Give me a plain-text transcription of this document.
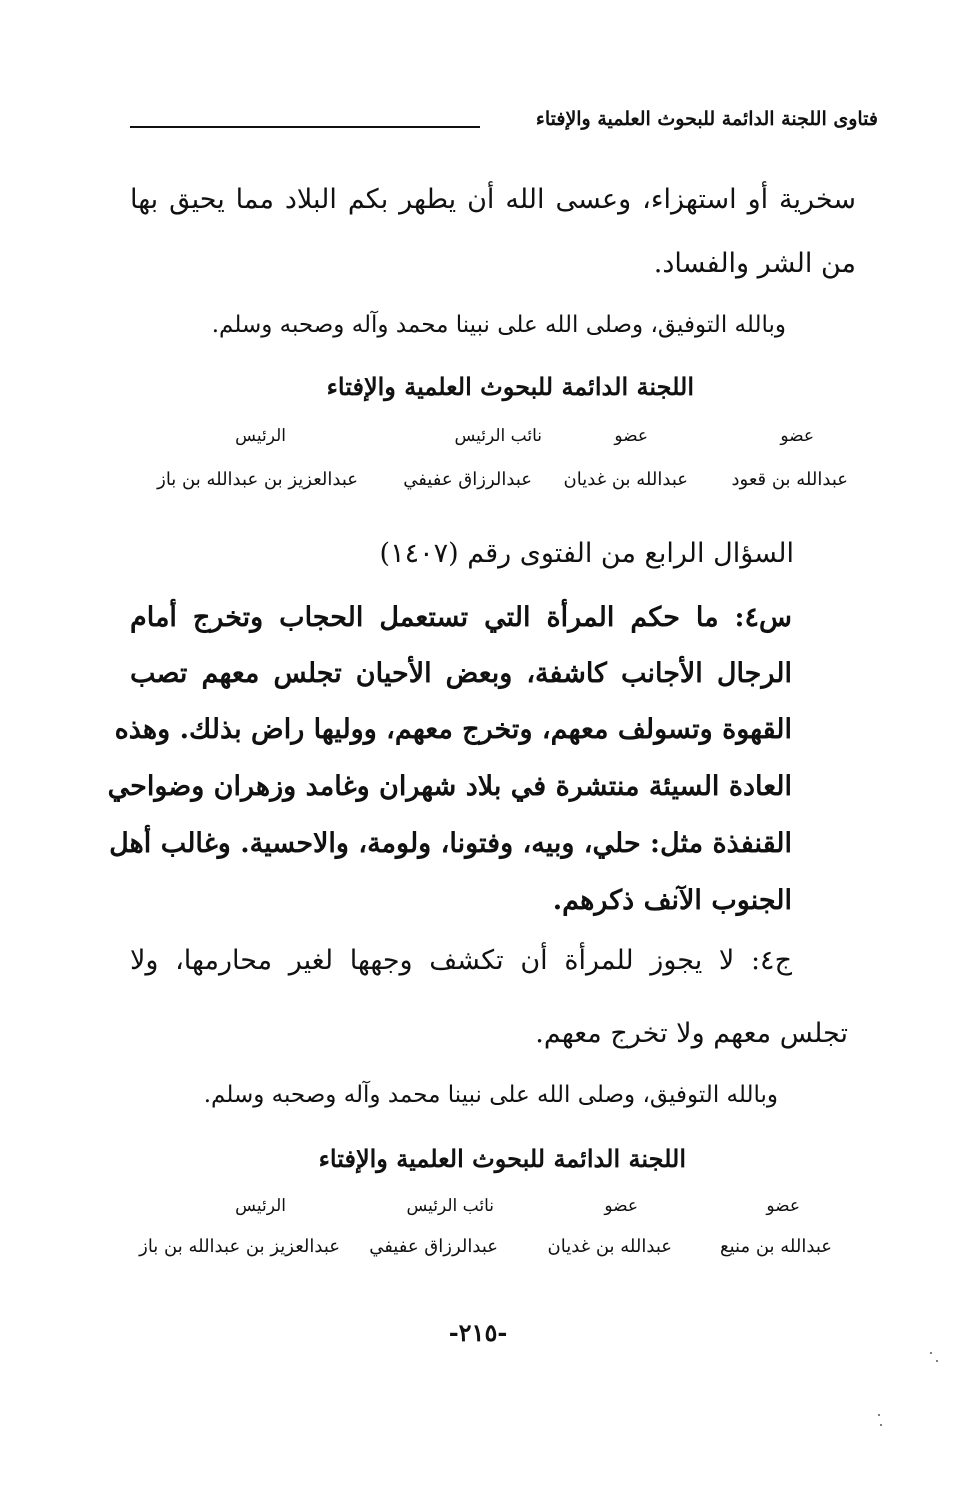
فتاوى اللجنة الدائمة للبحوث العلمية والإفتاء
سخرية أو استهزاء، وعسى الله أن يطهر بكم البلاد مما يحيق بها
من الشر والفساد.
وبالله التوفيق، وصلى الله على نبينا محمد وآله وصحبه وسلم.
اللجنة الدائمة للبحوث العلمية والإفتاء
عضو
عضو
نائب الرئيس
الرئيس
عبدالله بن قعود
عبدالله بن غديان
عبدالرزاق عفيفي
عبدالعزيز بن عبدالله بن باز
السؤال الرابع من الفتوى رقم (١٤٠٧)
س٤: ما حكم المرأة التي تستعمل الحجاب وتخرج أمام
الرجال الأجانب كاشفة، وبعض الأحيان تجلس معهم تصب
القهوة وتسولف معهم، وتخرج معهم، ووليها راض بذلك. وهذه
العادة السيئة منتشرة في بلاد شهران وغامد وزهران وضواحي
القنفذة مثل: حلي، وبيه، وفتونا، ولومة، والاحسية. وغالب أهل
الجنوب الآنف ذكرهم.
ج٤: لا يجوز للمرأة أن تكشف وجهها لغير محارمها، ولا
تجلس معهم ولا تخرج معهم.
وبالله التوفيق، وصلى الله على نبينا محمد وآله وصحبه وسلم.
اللجنة الدائمة للبحوث العلمية والإفتاء
عضو
عضو
نائب الرئيس
الرئيس
عبدالله بن منيع
عبدالله بن غديان
عبدالرزاق عفيفي
عبدالعزيز بن عبدالله بن باز
-٢١٥-
